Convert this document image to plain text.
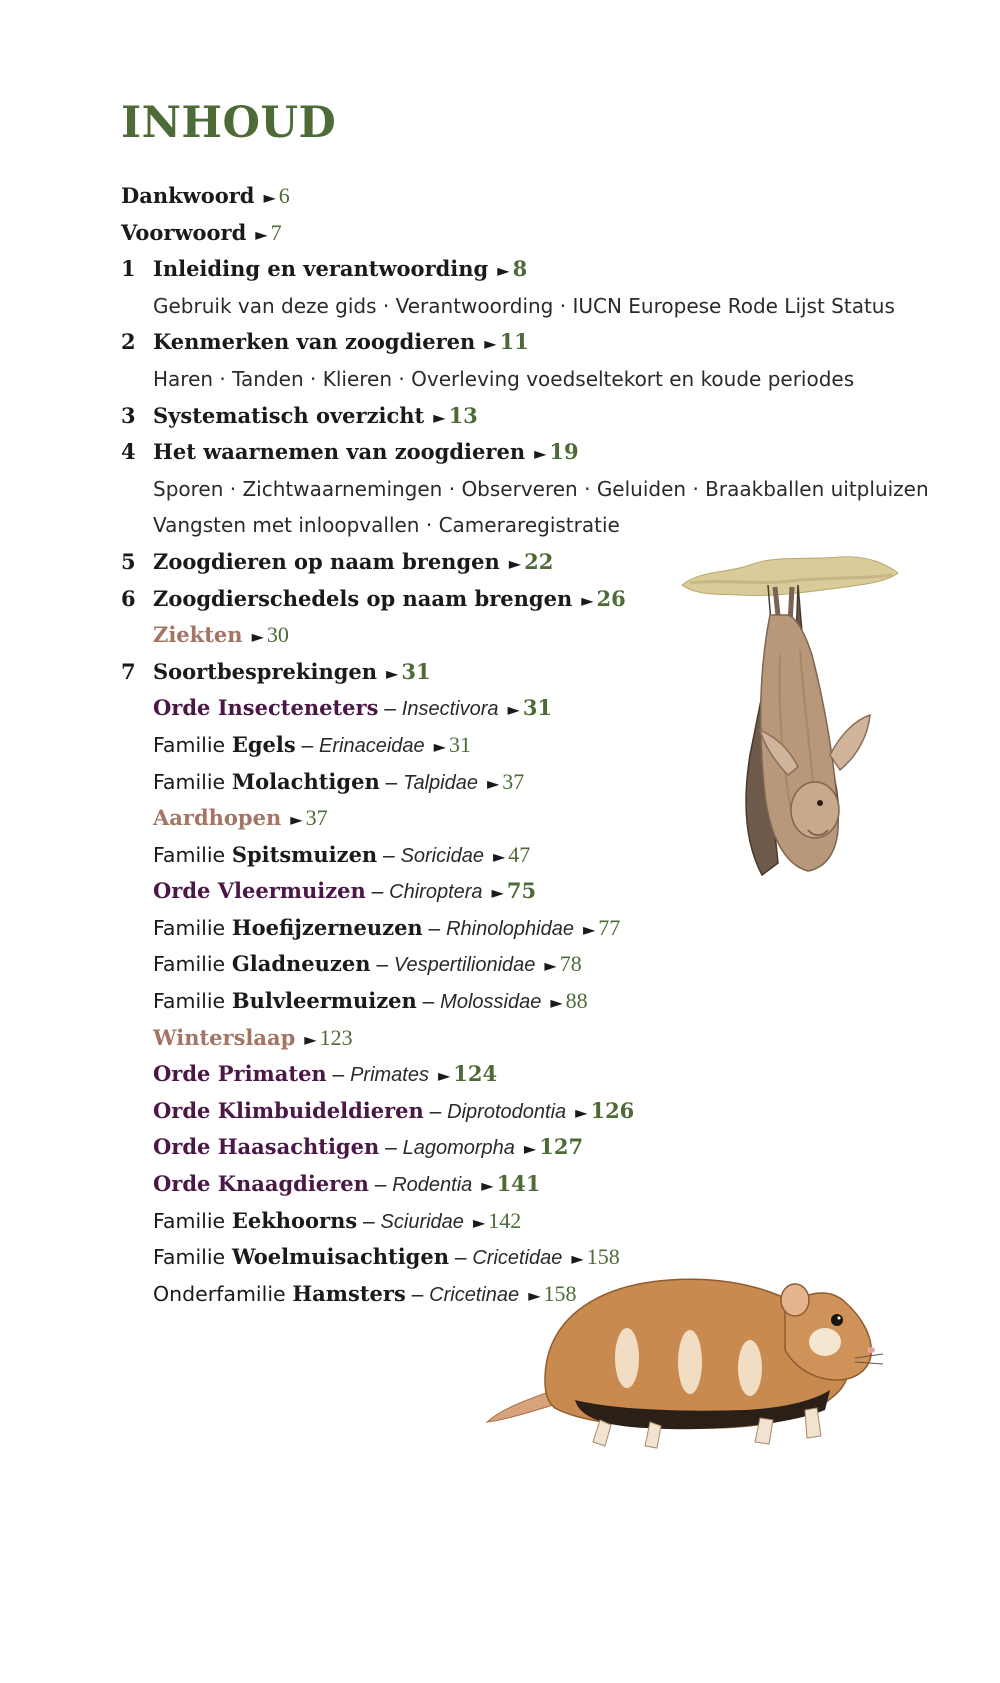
INHOUD
Dankwoord ► 6
Voorwoord ► 7
1 Inleiding en verantwoording ► 8
Gebruik van deze gids · Verantwoording · IUCN Europese Rode Lijst Status
2 Kenmerken van zoogdieren ► 11
Haren · Tanden · Klieren · Overleving voedseltekort en koude periodes
3 Systematisch overzicht ► 13
4 Het waarnemen van zoogdieren ► 19
Sporen · Zichtwaarnemingen · Observeren · Geluiden · Braakballen uitpluizen
Vangsten met inloopvallen · Cameraregistratie
5 Zoogdieren op naam brengen ► 22
6 Zoogdierschedels op naam brengen ► 26
Ziekten ► 30
7 Soortbesprekingen ► 31
Orde Insecteneters – Insectivora ► 31
Familie Egels – Erinaceidae ► 31
Familie Molachtigen – Talpidae ► 37
Aardhopen ► 37
Familie Spitsmuizen – Soricidae ► 47
Orde Vleermuizen – Chiroptera ► 75
Familie Hoefijzerneuzen – Rhinolophidae ► 77
Familie Gladneuzen – Vespertilionidae ► 78
Familie Bulvleermuizen – Molossidae ► 88
Winterslaap ► 123
Orde Primaten – Primates ► 124
Orde Klimbuideldieren – Diprotodontia ► 126
Orde Haasachtigen – Lagomorpha ► 127
Orde Knaagdieren – Rodentia ► 141
Familie Eekhoorns – Sciuridae ► 142
Familie Woelmuisachtigen – Cricetidae ► 158
Onderfamilie Hamsters – Cricetinae ► 158
